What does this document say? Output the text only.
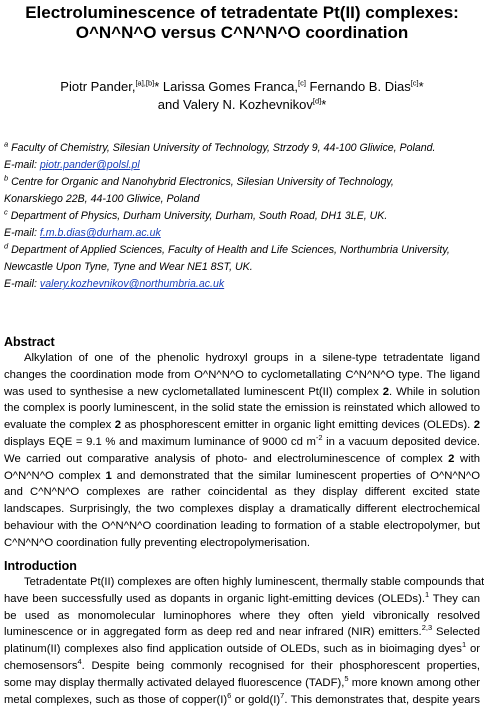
Electroluminescence of tetradentate Pt(II) complexes:
O^N^N^O versus C^N^N^O coordination
Piotr Pander,[a],[b]* Larissa Gomes Franca,[c] Fernando B. Dias[c]*
and Valery N. Kozhevnikov[d]*
$^a$ Faculty of Chemistry, Silesian University of Technology, Strzody 9, 44-100 Gliwice, Poland.
E-mail: piotr.pander@polsl.pl
$^b$ Centre for Organic and Nanohybrid Electronics, Silesian University of Technology,
Konarskiego 22B, 44-100 Gliwice, Poland
$^c$ Department of Physics, Durham University, Durham, South Road, DH1 3LE, UK.
E-mail: f.m.b.dias@durham.ac.uk
$^d$ Department of Applied Sciences, Faculty of Health and Life Sciences, Northumbria University,
Newcastle Upon Tyne, Tyne and Wear NE1 8ST, UK.
E-mail: valery.kozhevnikov@northumbria.ac.uk
Abstract
Alkylation of one of the phenolic hydroxyl groups in a silene-type tetradentate ligand
changes the coordination mode from O^N^N^O to cyclometallating C^N^N^O type. The ligand
was used to synthesise a new cyclometallated luminescent Pt(II) complex 2. While in solution
the complex is poorly luminescent, in the solid state the emission is reinstated which allowed to
evaluate the complex 2 as phosphorescent emitter in organic light emitting devices (OLEDs). 2
displays EQE = 9.1 % and maximum luminance of 9000 cd $m^{-2}$ in a vacuum deposited device.
We carried out comparative analysis of photo- and electroluminescence of complex 2 with
O^N^N^O complex 1 and demonstrated that the similar luminescent properties of O^N^N^O
and C^N^N^O complexes are rather coincidental as they display different excited state
landscapes. Surprisingly, the two complexes display a dramatically different electrochemical
behaviour with the O^N^N^O coordination leading to formation of a stable electropolymer, but
C^N^N^O coordination fully preventing electropolymerisation.
Introduction
Tetradentate Pt(II) complexes are often highly luminescent, thermally stable compounds that
have been successfully used as dopants in organic light-emitting devices (OLEDs).$^1$ They can
be used as monomolecular luminophores where they often yield vibronically resolved
luminescence or in aggregated form as deep red and near infrared (NIR) emitters.$^{2,3}$ Selected
platinum(II) complexes also find application outside of OLEDs, such as in bioimaging dyes$^1$ or
chemosensors$^4$. Despite being commonly recognised for their phosphorescent properties,
some may display thermally activated delayed fluorescence (TADF),$^5$ more known among other
metal complexes, such as those of $copper(I)^6$ or $gold(I)^7$. This demonstrates that, despite years
